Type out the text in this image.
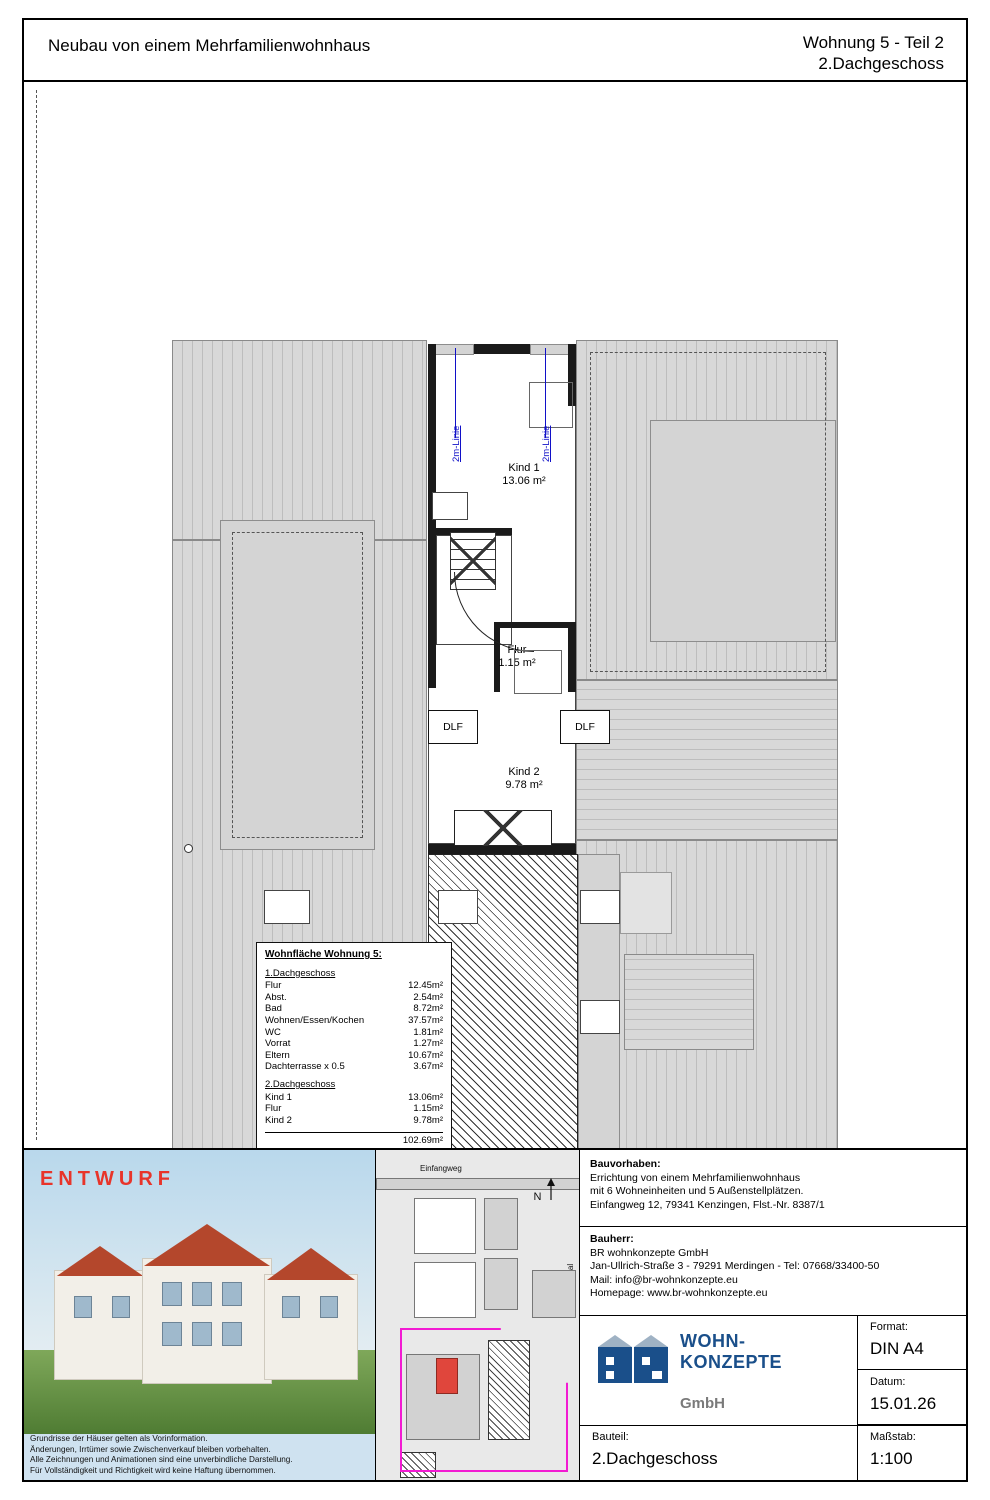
Neubau von einem Mehrfamilienwohnhaus	Wohnung 5 - Teil 2
2.Dachgeschoss
2m-Linie	2m-Linie
Kind 1
13.06 m²
Flur
1.15 m²
DLF	DLF
Kind 2
9.78 m²
Wohnfläche Wohnung 5:
1.Dachgeschoss
Flur	12.45m²
Abst.	2.54m²
Bad	8.72m²
Wohnen/Essen/Kochen	37.57m²
WC	1.81m²
Vorrat	1.27m²
Eltern	10.67m²
Dachterrasse x 0.5	3.67m²
2.Dachgeschoss
Kind 1	13.06m²
Flur	1.15m²
Kind 2	9.78m²
102.69m²
ENTWURF
Grundrisse der Häuser gelten als Vorinformation.
Änderungen, Irrtümer sowie Zwischenverkauf bleiben vorbehalten.
Alle Zeichnungen und Animationen sind eine unverbindliche Darstellung.
Für Vollständigkeit und Richtigkeit wird keine Haftung übernommen.
Einfangweg
N
Bauvorhaben:
Errichtung von einem Mehrfamilienwohnhaus
mit 6 Wohneinheiten und 5 Außenstellplätzen.
Einfangweg 12, 79341 Kenzingen, Flst.-Nr. 8387/1
Bauherr:
BR wohnkonzepte GmbH
Jan-Ullrich-Straße 3 - 79291 Merdingen - Tel: 07668/33400-50
Mail: info@br-wohnkonzepte.eu
Homepage: www.br-wohnkonzepte.eu
WOHN-
KONZEPTE
GmbH
Format:
DIN A4
Datum:
15.01.26
Maßstab:
1:100
Bauteil:
2.Dachgeschoss
